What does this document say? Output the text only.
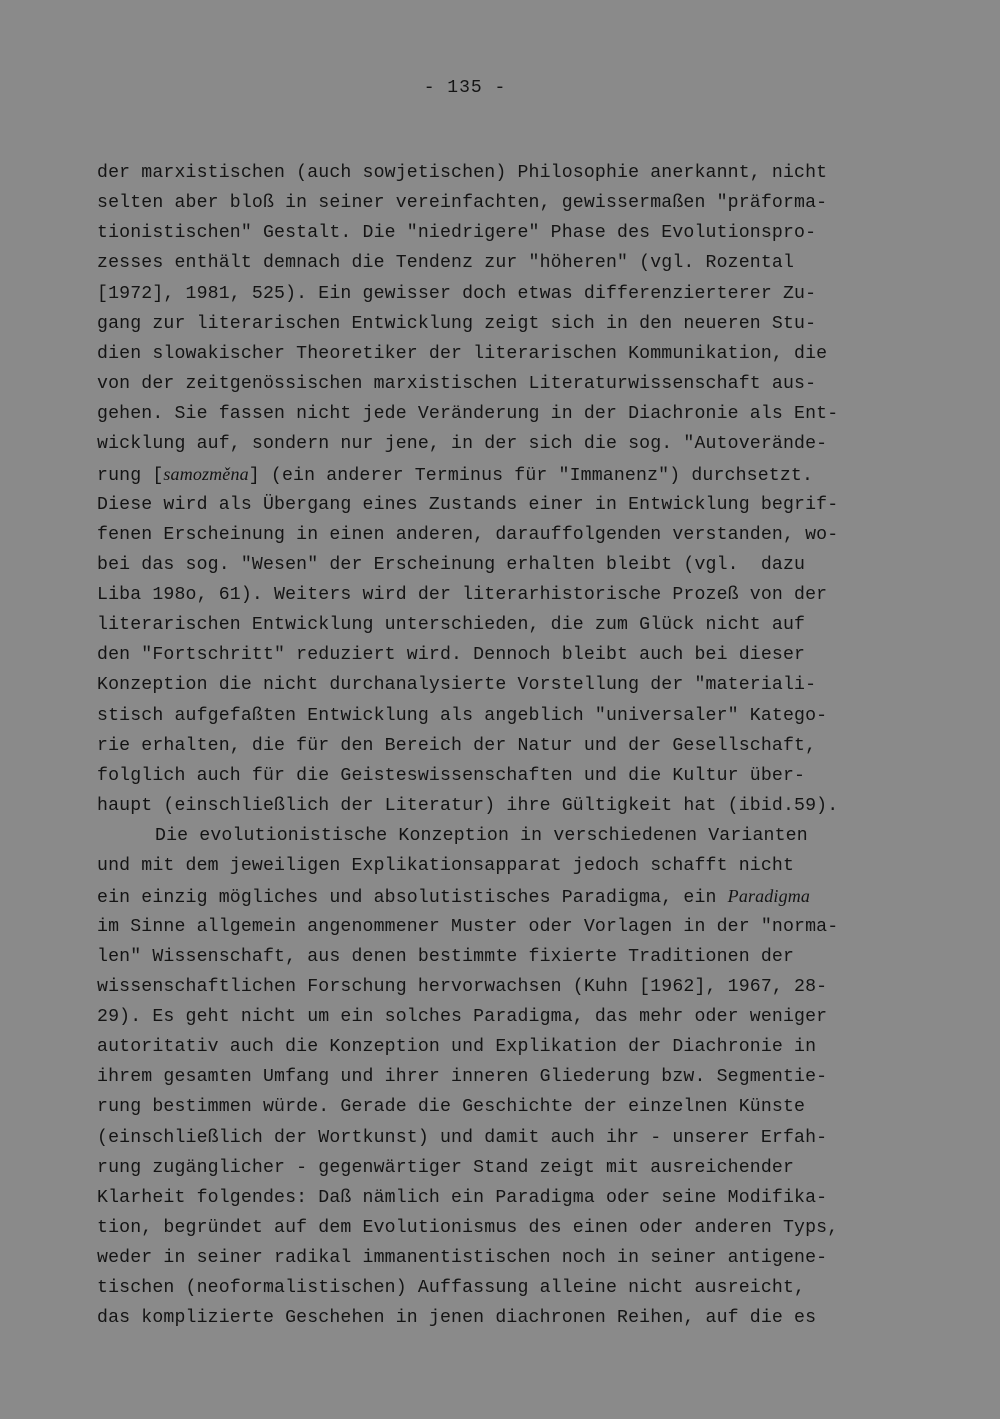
- 135 -
der marxistischen (auch sowjetischen) Philosophie anerkannt, nicht
selten aber bloß in seiner vereinfachten, gewissermaßen "präforma-
tionistischen" Gestalt. Die "niedrigere" Phase des Evolutionspro-
zesses enthält demnach die Tendenz zur "höheren" (vgl. Rozental
[1972], 1981, 525). Ein gewisser doch etwas differenzierterer Zu-
gang zur literarischen Entwicklung zeigt sich in den neueren Stu-
dien slowakischer Theoretiker der literarischen Kommunikation, die
von der zeitgenössischen marxistischen Literaturwissenschaft aus-
gehen. Sie fassen nicht jede Veränderung in der Diachronie als Ent-
wicklung auf, sondern nur jene, in der sich die sog. "Autoverände-
rung [samozměna] (ein anderer Terminus für "Immanenz") durchsetzt.
Diese wird als Übergang eines Zustands einer in Entwicklung begrif-
fenen Erscheinung in einen anderen, darauffolgenden verstanden, wo-
bei das sog. "Wesen" der Erscheinung erhalten bleibt (vgl.  dazu
Liba 198o, 61). Weiters wird der literarhistorische Prozeß von der
literarischen Entwicklung unterschieden, die zum Glück nicht auf
den "Fortschritt" reduziert wird. Dennoch bleibt auch bei dieser
Konzeption die nicht durchanalysierte Vorstellung der "materiali-
stisch aufgefaßten Entwicklung als angeblich "universaler" Katego-
rie erhalten, die für den Bereich der Natur und der Gesellschaft,
folglich auch für die Geisteswissenschaften und die Kultur über-
haupt (einschließlich der Literatur) ihre Gültigkeit hat (ibid.59).
Die evolutionistische Konzeption in verschiedenen Varianten
und mit dem jeweiligen Explikationsapparat jedoch schafft nicht
ein einzig mögliches und absolutistisches Paradigma, ein Paradigma
im Sinne allgemein angenommener Muster oder Vorlagen in der "norma-
len" Wissenschaft, aus denen bestimmte fixierte Traditionen der
wissenschaftlichen Forschung hervorwachsen (Kuhn [1962], 1967, 28-
29). Es geht nicht um ein solches Paradigma, das mehr oder weniger
autoritativ auch die Konzeption und Explikation der Diachronie in
ihrem gesamten Umfang und ihrer inneren Gliederung bzw. Segmentie-
rung bestimmen würde. Gerade die Geschichte der einzelnen Künste
(einschließlich der Wortkunst) und damit auch ihr - unserer Erfah-
rung zugänglicher - gegenwärtiger Stand zeigt mit ausreichender
Klarheit folgendes: Daß nämlich ein Paradigma oder seine Modifika-
tion, begründet auf dem Evolutionismus des einen oder anderen Typs,
weder in seiner radikal immanentistischen noch in seiner antigene-
tischen (neoformalistischen) Auffassung alleine nicht ausreicht,
das komplizierte Geschehen in jenen diachronen Reihen, auf die es
